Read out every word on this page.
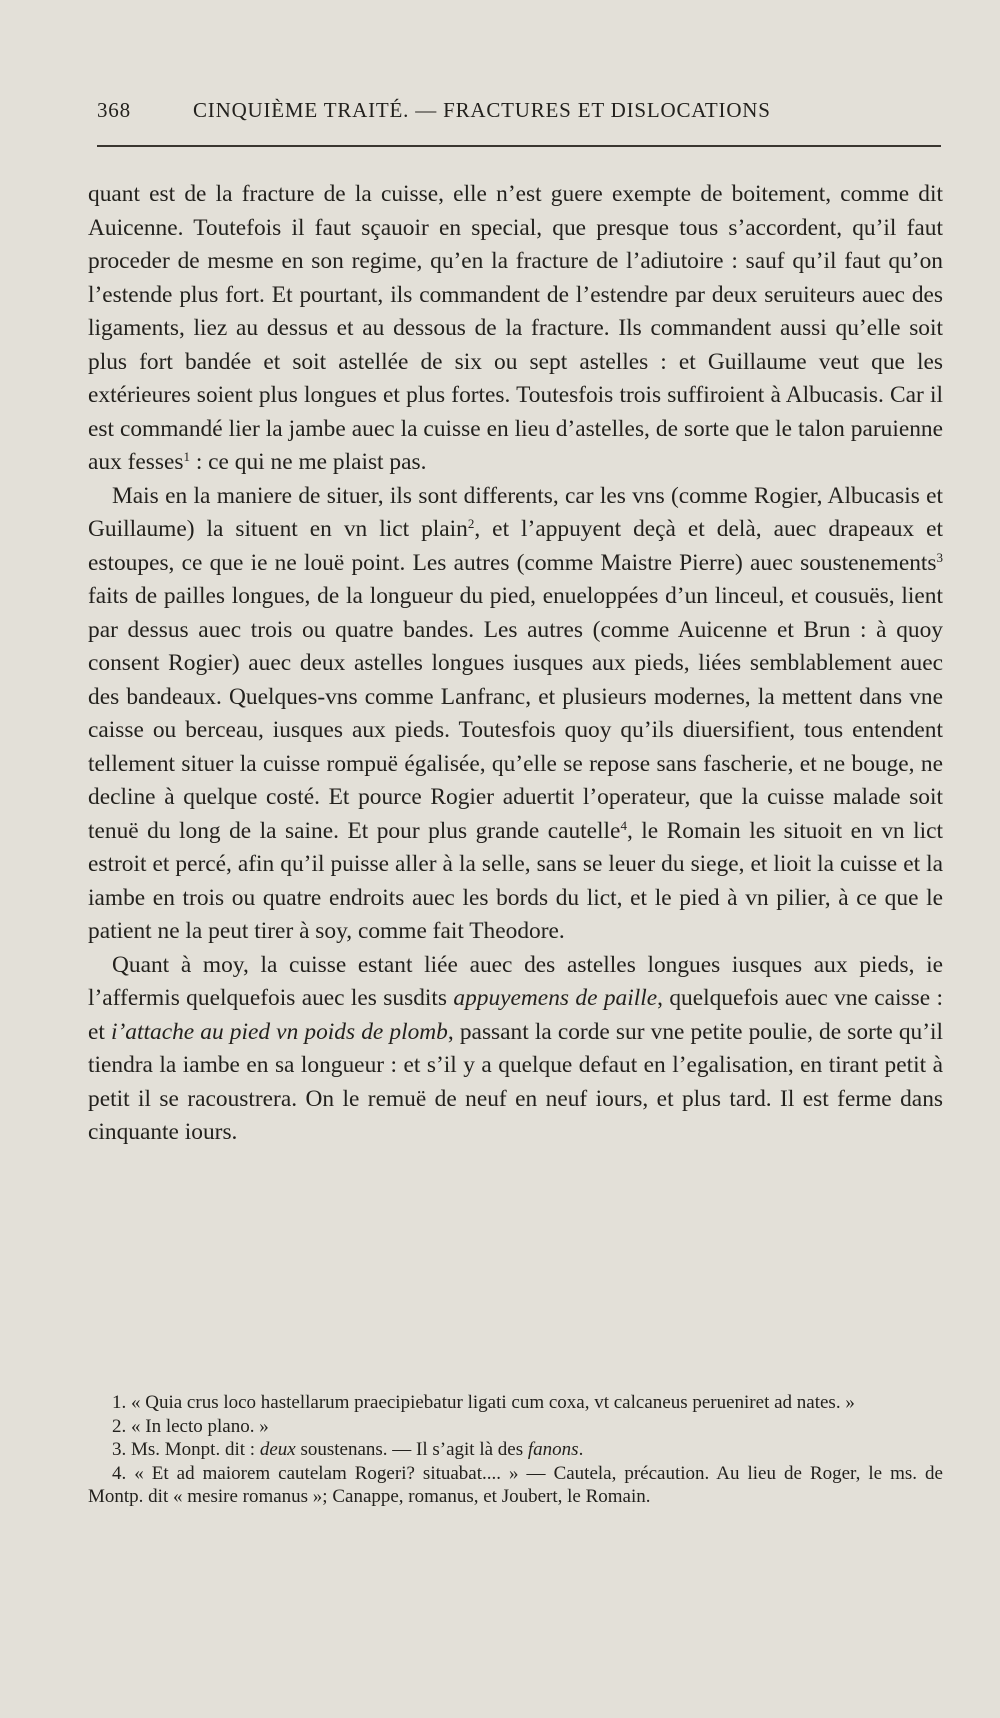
368	CINQUIÈME TRAITÉ. — FRACTURES ET DISLOCATIONS

quant est de la fracture de la cuisse, elle n’est guere exempte de boitement, comme dit Auicenne. Toutefois il faut sçauoir en special, que presque tous s’accordent, qu’il faut proceder de mesme en son regime, qu’en la fracture de l’adiutoire : sauf qu’il faut qu’on l’estende plus fort. Et pourtant, ils commandent de l’estendre par deux seruiteurs auec des ligaments, liez au dessus et au dessous de la fracture. Ils commandent aussi qu’elle soit plus fort bandée et soit astellée de six ou sept astelles : et Guillaume veut que les extérieures soient plus longues et plus fortes. Toutesfois trois suffiroient à Albucasis. Car il est commandé lier la jambe auec la cuisse en lieu d’astelles, de sorte que le talon paruienne aux fesses$^1$ : ce qui ne me plaist pas.

Mais en la maniere de situer, ils sont differents, car les vns (comme Rogier, Albucasis et Guillaume) la situent en vn lict plain$^2$, et l’appuyent deçà et delà, auec drapeaux et estoupes, ce que ie ne louë point. Les autres (comme Maistre Pierre) auec soustenements$^3$ faits de pailles longues, de la longueur du pied, enueloppées d’un linceul, et cousuës, lient par dessus auec trois ou quatre bandes. Les autres (comme Auicenne et Brun : à quoy consent Rogier) auec deux astelles longues iusques aux pieds, liées semblablement auec des bandeaux. Quelques-vns comme Lanfranc, et plusieurs modernes, la mettent dans vne caisse ou berceau, iusques aux pieds. Toutesfois quoy qu’ils diuersifient, tous entendent tellement situer la cuisse rompuë égalisée, qu’elle se repose sans fascherie, et ne bouge, ne decline à quelque costé. Et pource Rogier aduertit l’operateur, que la cuisse malade soit tenuë du long de la saine. Et pour plus grande cautelle$^4$, le Romain les situoit en vn lict estroit et percé, afin qu’il puisse aller à la selle, sans se leuer du siege, et lioit la cuisse et la iambe en trois ou quatre endroits auec les bords du lict, et le pied à vn pilier, à ce que le patient ne la peut tirer à soy, comme fait Theodore.

Quant à moy, la cuisse estant liée auec des astelles longues iusques aux pieds, ie l’affermis quelquefois auec les susdits appuyemens de paille, quelquefois auec vne caisse : et i’attache au pied vn poids de plomb, passant la corde sur vne petite poulie, de sorte qu’il tiendra la iambe en sa longueur : et s’il y a quelque defaut en l’egalisation, en tirant petit à petit il se racoustrera. On le remuë de neuf en neuf iours, et plus tard. Il est ferme dans cinquante iours.

1. « Quia crus loco hastellarum praecipiebatur ligati cum coxa, vt calcaneus perueniret ad nates. »

2. « In lecto plano. »

3. Ms. Monpt. dit : deux soustenans. — Il s’agit là des fanons.

4. « Et ad maiorem cautelam Rogeri? situabat.... » — Cautela, précaution. Au lieu de Roger, le ms. de Montp. dit « mesire romanus »; Canappe, romanus, et Joubert, le Romain.
